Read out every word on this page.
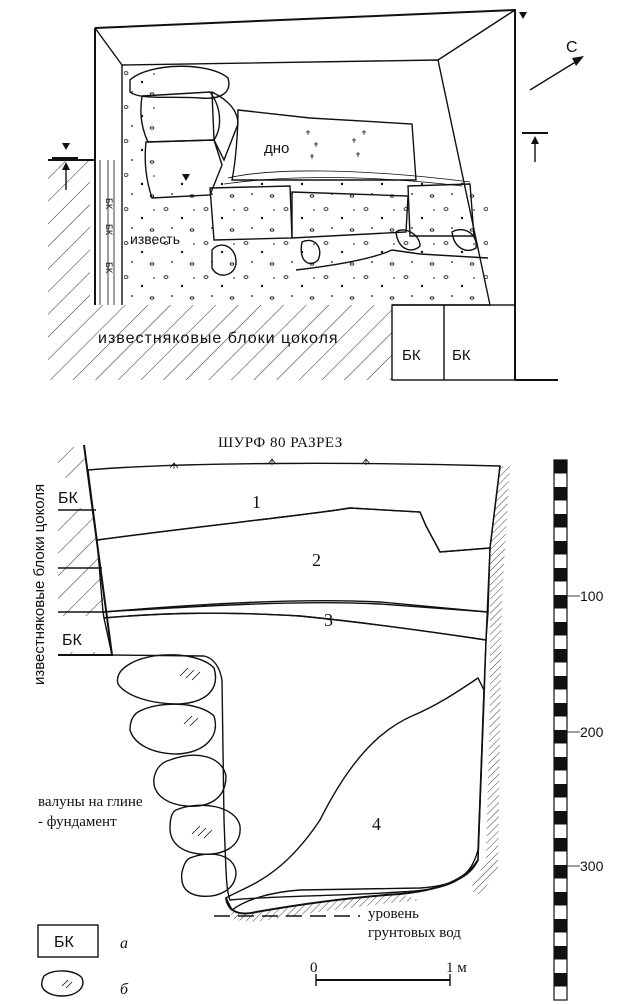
БК
БК
БК
дно
известь
известняковые блоки цоколя
БК БК
С
ШУРФ 80 РАЗРЕЗ
БК
БК
известняковые блоки цоколя	1
2
3
4
валуны на глине
- фундамент
уровень
грунтовых вод
100
200
300
БК	а
б
0	1 м
